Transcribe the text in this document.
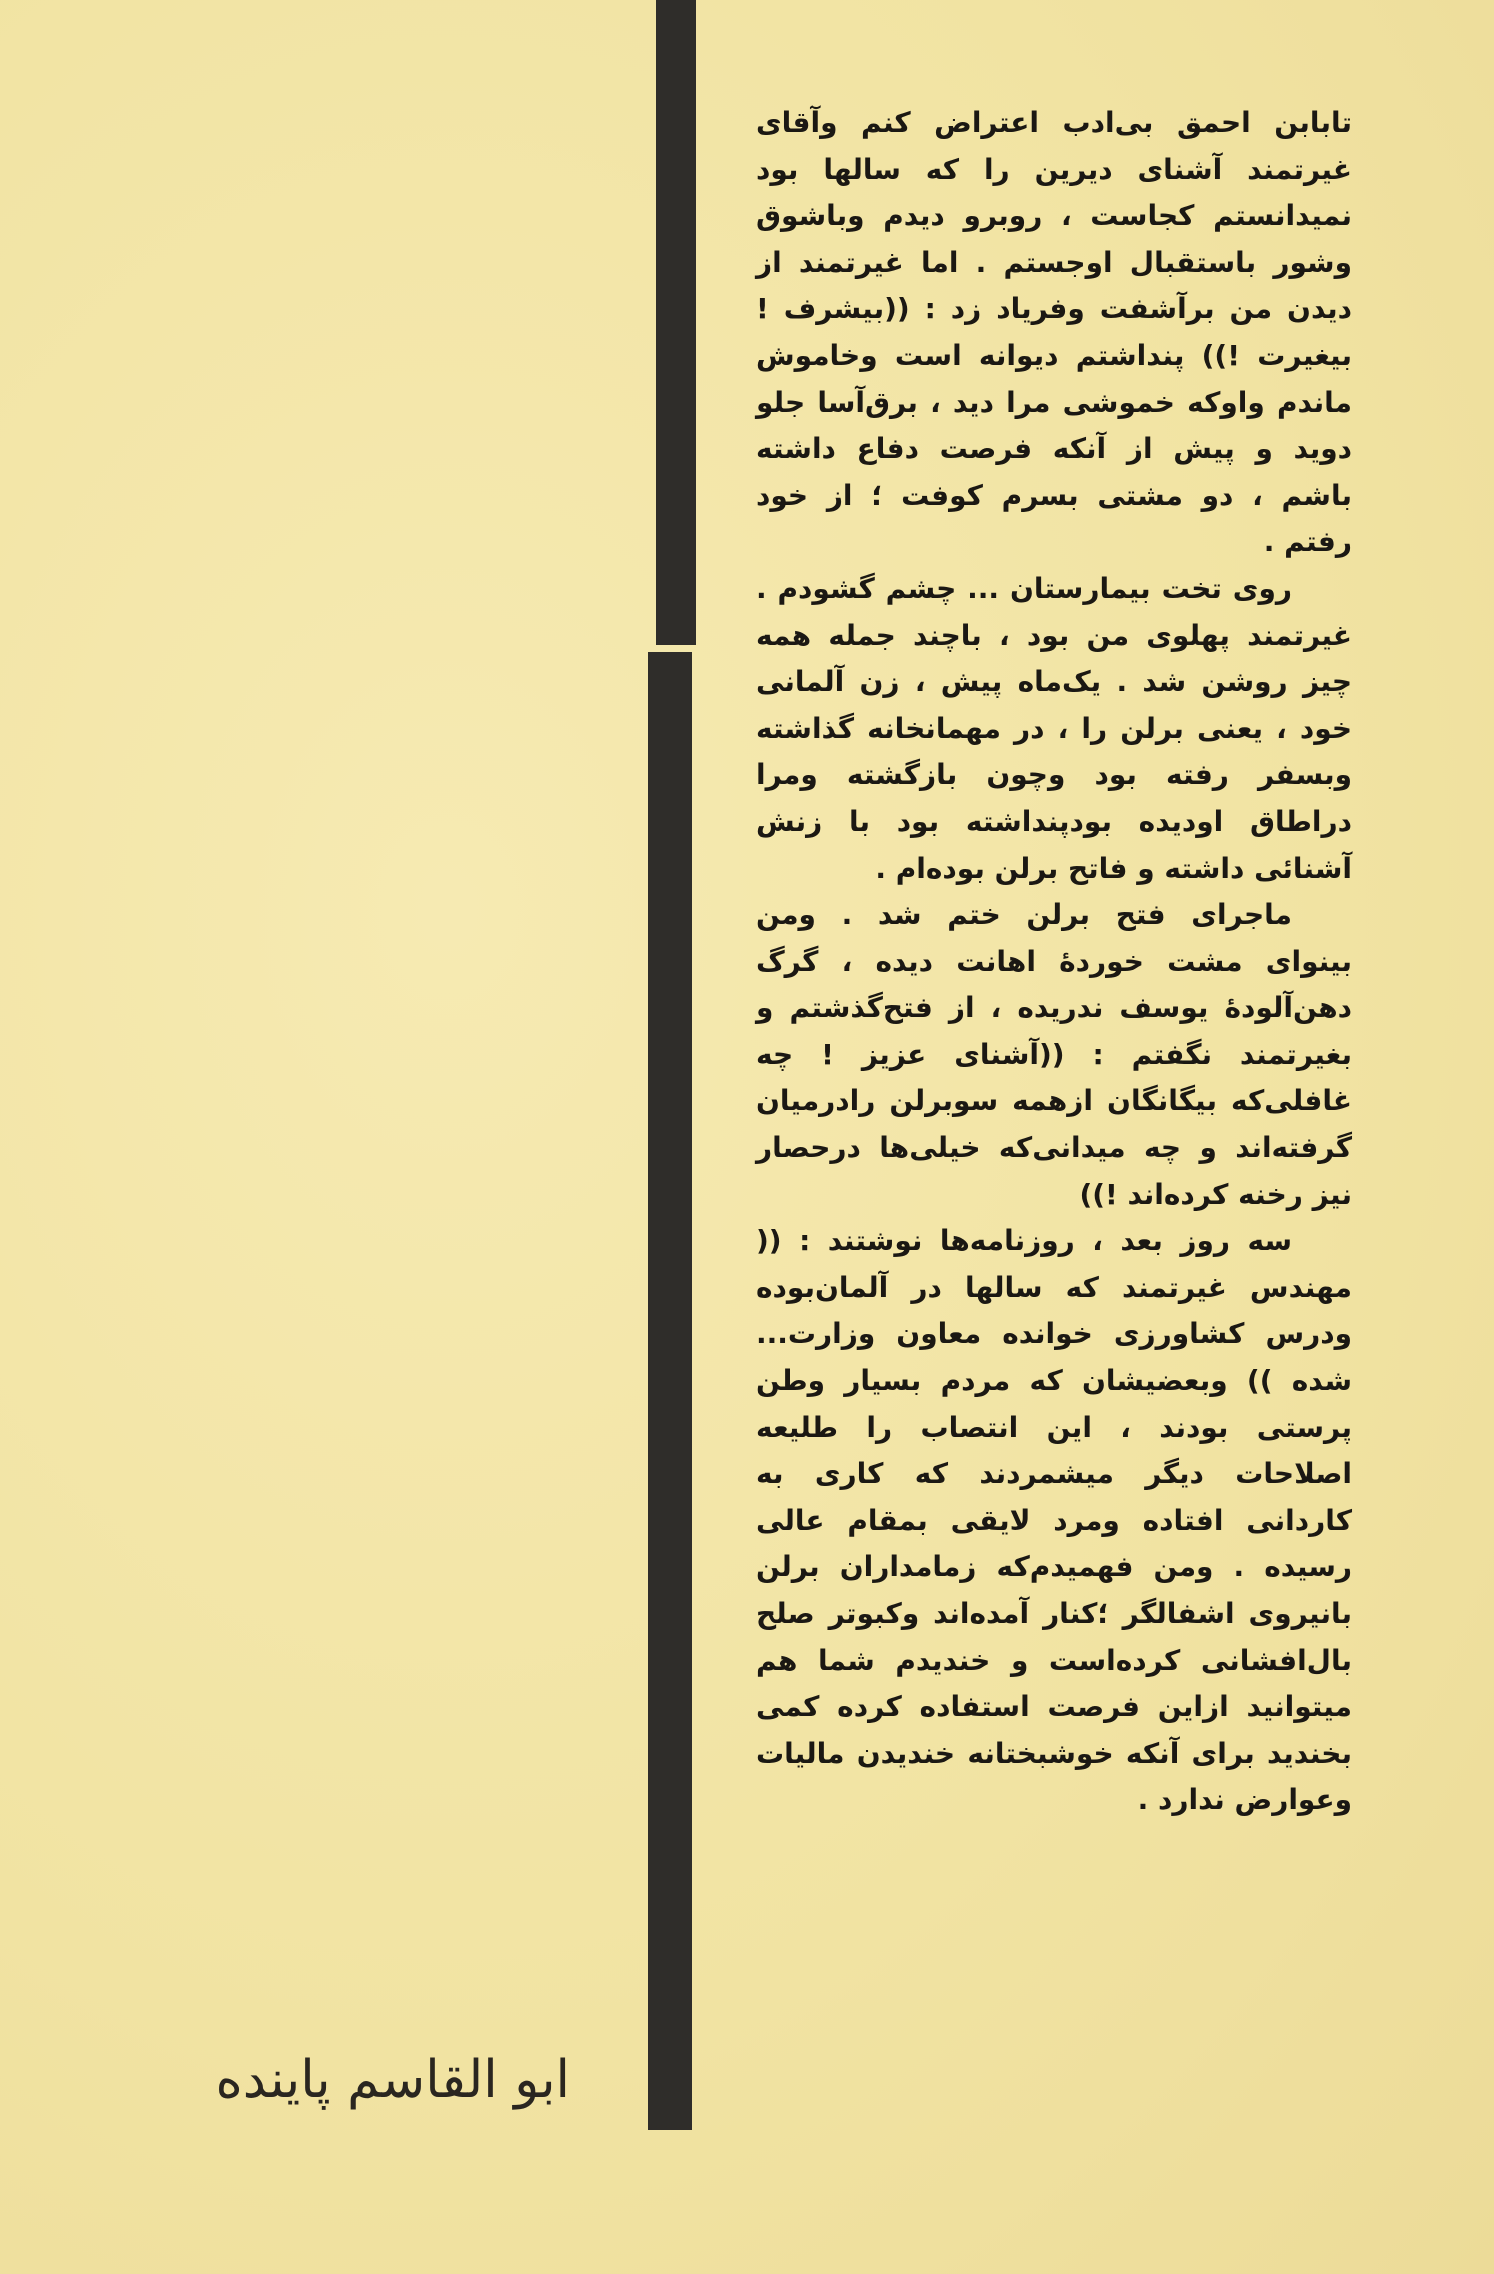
تابابن احمق بی‌ادب اعتراض کنم وآقای غیرتمند آشنای دیرین را که سالها بود نمیدانستم کجاست ، روبرو دیدم وباشوق وشور باستقبال اوجستم . اما غیرتمند از دیدن من برآشفت وفریاد زد : ((بیشرف ! بیغیرت !)) پنداشتم دیوانه است وخاموش ماندم واوکه خموشی مرا دید ، برق‌آسا جلو دوید و پیش از آنکه فرصت دفاع داشته باشم ، دو مشتی بسرم کوفت ؛ از خود رفتم .

روی تخت بیمارستان ... چشم گشودم . غیرتمند پهلوی من بود ، باچند جمله همه چیز روشن شد . یک‌ماه پیش ، زن آلمانی خود ، یعنی برلن را ، در مهمانخانه گذاشته وبسفر رفته بود وچون بازگشته ومرا دراطاق اودیده بودپنداشته بود با زنش آشنائی داشته و فاتح برلن بوده‌ام .

ماجرای فتح برلن ختم شد . ومن بینوای مشت خوردهٔ اهانت دیده ، گرگ دهن‌آلودهٔ یوسف ندریده ، از فتح‌گذشتم و بغیرتمند نگفتم : ((آشنای عزیز ! چه غافلی‌که بیگانگان ازهمه سوبرلن رادرمیان گرفته‌اند و چه میدانی‌که خیلی‌ها درحصار نیز رخنه کرده‌اند !))

سه روز بعد ، روزنامه‌ها نوشتند : (( مهندس غیرتمند که سالها در آلمان‌بوده ودرس کشاورزی خوانده معاون وزارت... شده )) وبعضیشان که مردم بسیار وطن پرستی بودند ، این انتصاب را طلیعه اصلاحات دیگر میشمردند که کاری به کاردانی افتاده ومرد لایقی بمقام عالی رسیده . ومن فهمیدم‌که زمامداران برلن بانیروی اشفالگر ؛کنار آمده‌اند وکبوتر صلح بال‌افشانی کرده‌است و خندیدم شما هم میتوانید ازاین فرصت استفاده کرده کمی بخندید برای آنکه خوشبختانه خندیدن مالیات وعوارض ندارد .

ابو القاسم پاینده
